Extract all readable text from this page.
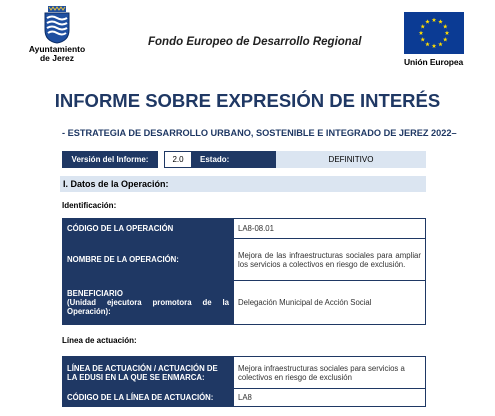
Ayuntamiento
de Jerez
Fondo Europeo de Desarrollo Regional
Unión Europea
INFORME SOBRE EXPRESIÓN DE INTERÉS
- ESTRATEGIA DE DESARROLLO URBANO, SOSTENIBLE E INTEGRADO DE JEREZ 2022–
Versión del Informe:	2.0	Estado:	DEFINITIVO
I. Datos de la Operación:
Identificación:
CÓDIGO DE LA OPERACIÓN	LA8-08.01
NOMBRE DE LA OPERACIÓN:	Mejora de las infraestructuras sociales para ampliar los servicios a colectivos en riesgo de exclusión.
BENEFICIARIO
(Unidad ejecutora promotora de la Operación):	Delegación Municipal de Acción Social
Línea de actuación:
LÍNEA DE ACTUACIÓN / ACTUACIÓN DE LA EDUSI EN LA QUE SE ENMARCA:	Mejora infraestructuras sociales para servicios a colectivos en riesgo de exclusión
CÓDIGO DE LA LÍNEA DE ACTUACIÓN:	LA8
